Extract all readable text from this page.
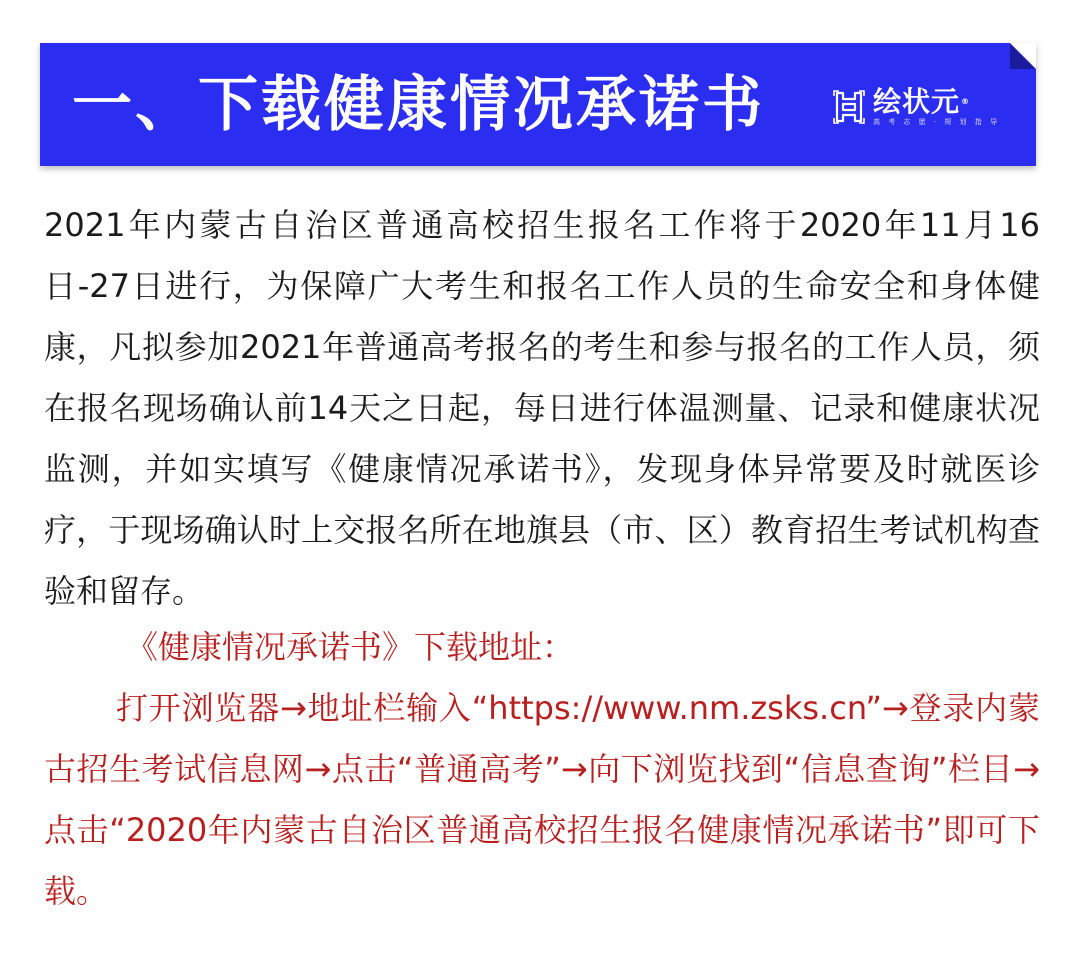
一、下载健康情况承诺书	绘状元 ®
高 考 志 愿 · 规 划 指 导

2021年内蒙古自治区普通高校招生报名工作将于2020年11月16日-27日进行，为保障广大考生和报名工作人员的生命安全和身体健康，凡拟参加2021年普通高考报名的考生和参与报名的工作人员，须在报名现场确认前14天之日起，每日进行体温测量、记录和健康状况监测，并如实填写《健康情况承诺书》，发现身体异常要及时就医诊疗，于现场确认时上交报名所在地旗县（市、区）教育招生考试机构查验和留存。

《健康情况承诺书》下载地址：

打开浏览器→地址栏输入“https://www.nm.zsks.cn”→登录内蒙古招生考试信息网→点击“普通高考”→向下浏览找到“信息查询”栏目→点击“2020年内蒙古自治区普通高校招生报名健康情况承诺书”即可下载。
